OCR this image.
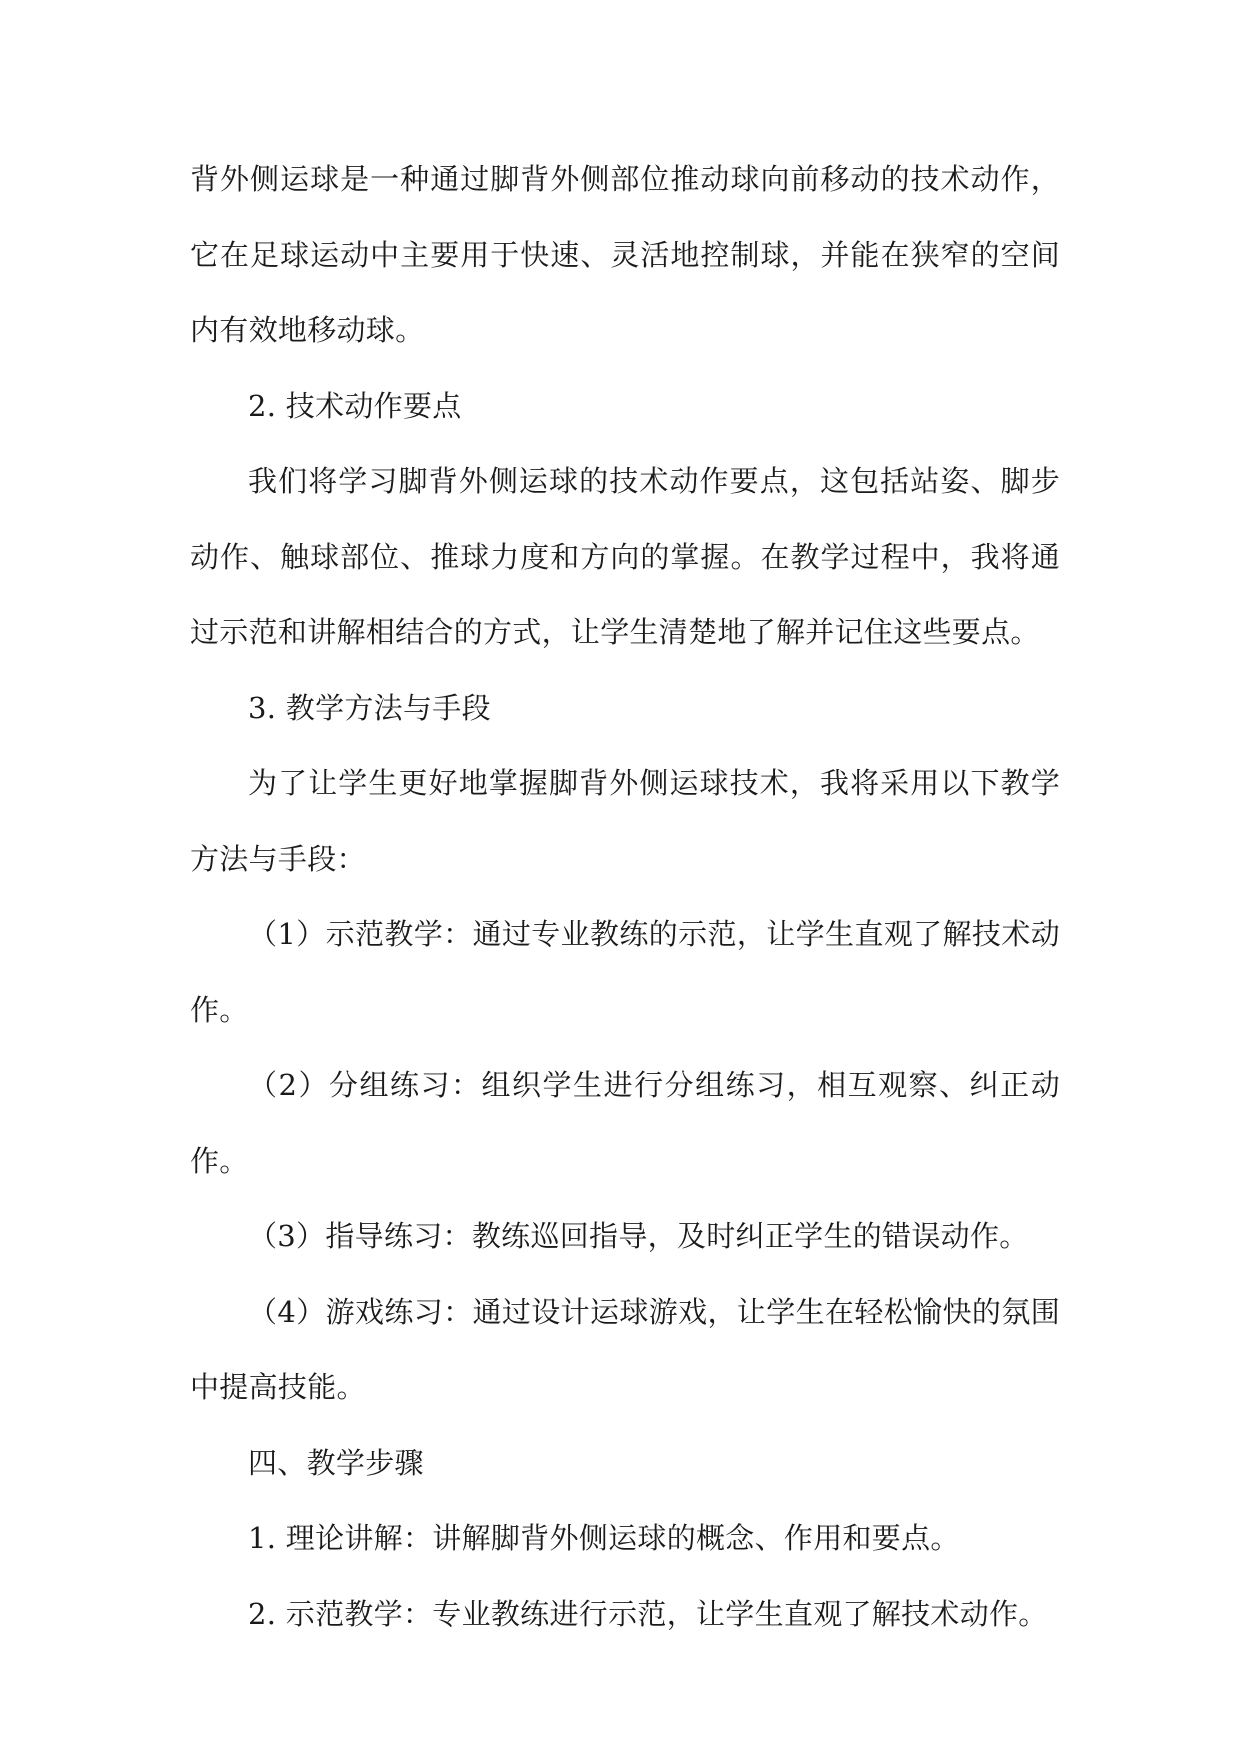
背外侧运球是一种通过脚背外侧部位推动球向前移动的技术动作，它在足球运动中主要用于快速、灵活地控制球，并能在狭窄的空间内有效地移动球。

2. 技术动作要点

我们将学习脚背外侧运球的技术动作要点，这包括站姿、脚步动作、触球部位、推球力度和方向的掌握。在教学过程中，我将通过示范和讲解相结合的方式，让学生清楚地了解并记住这些要点。

3. 教学方法与手段

为了让学生更好地掌握脚背外侧运球技术，我将采用以下教学方法与手段：

（1）示范教学：通过专业教练的示范，让学生直观了解技术动作。

（2）分组练习：组织学生进行分组练习，相互观察、纠正动作。

（3）指导练习：教练巡回指导，及时纠正学生的错误动作。

（4）游戏练习：通过设计运球游戏，让学生在轻松愉快的氛围中提高技能。

四、教学步骤

1. 理论讲解：讲解脚背外侧运球的概念、作用和要点。

2. 示范教学：专业教练进行示范，让学生直观了解技术动作。
